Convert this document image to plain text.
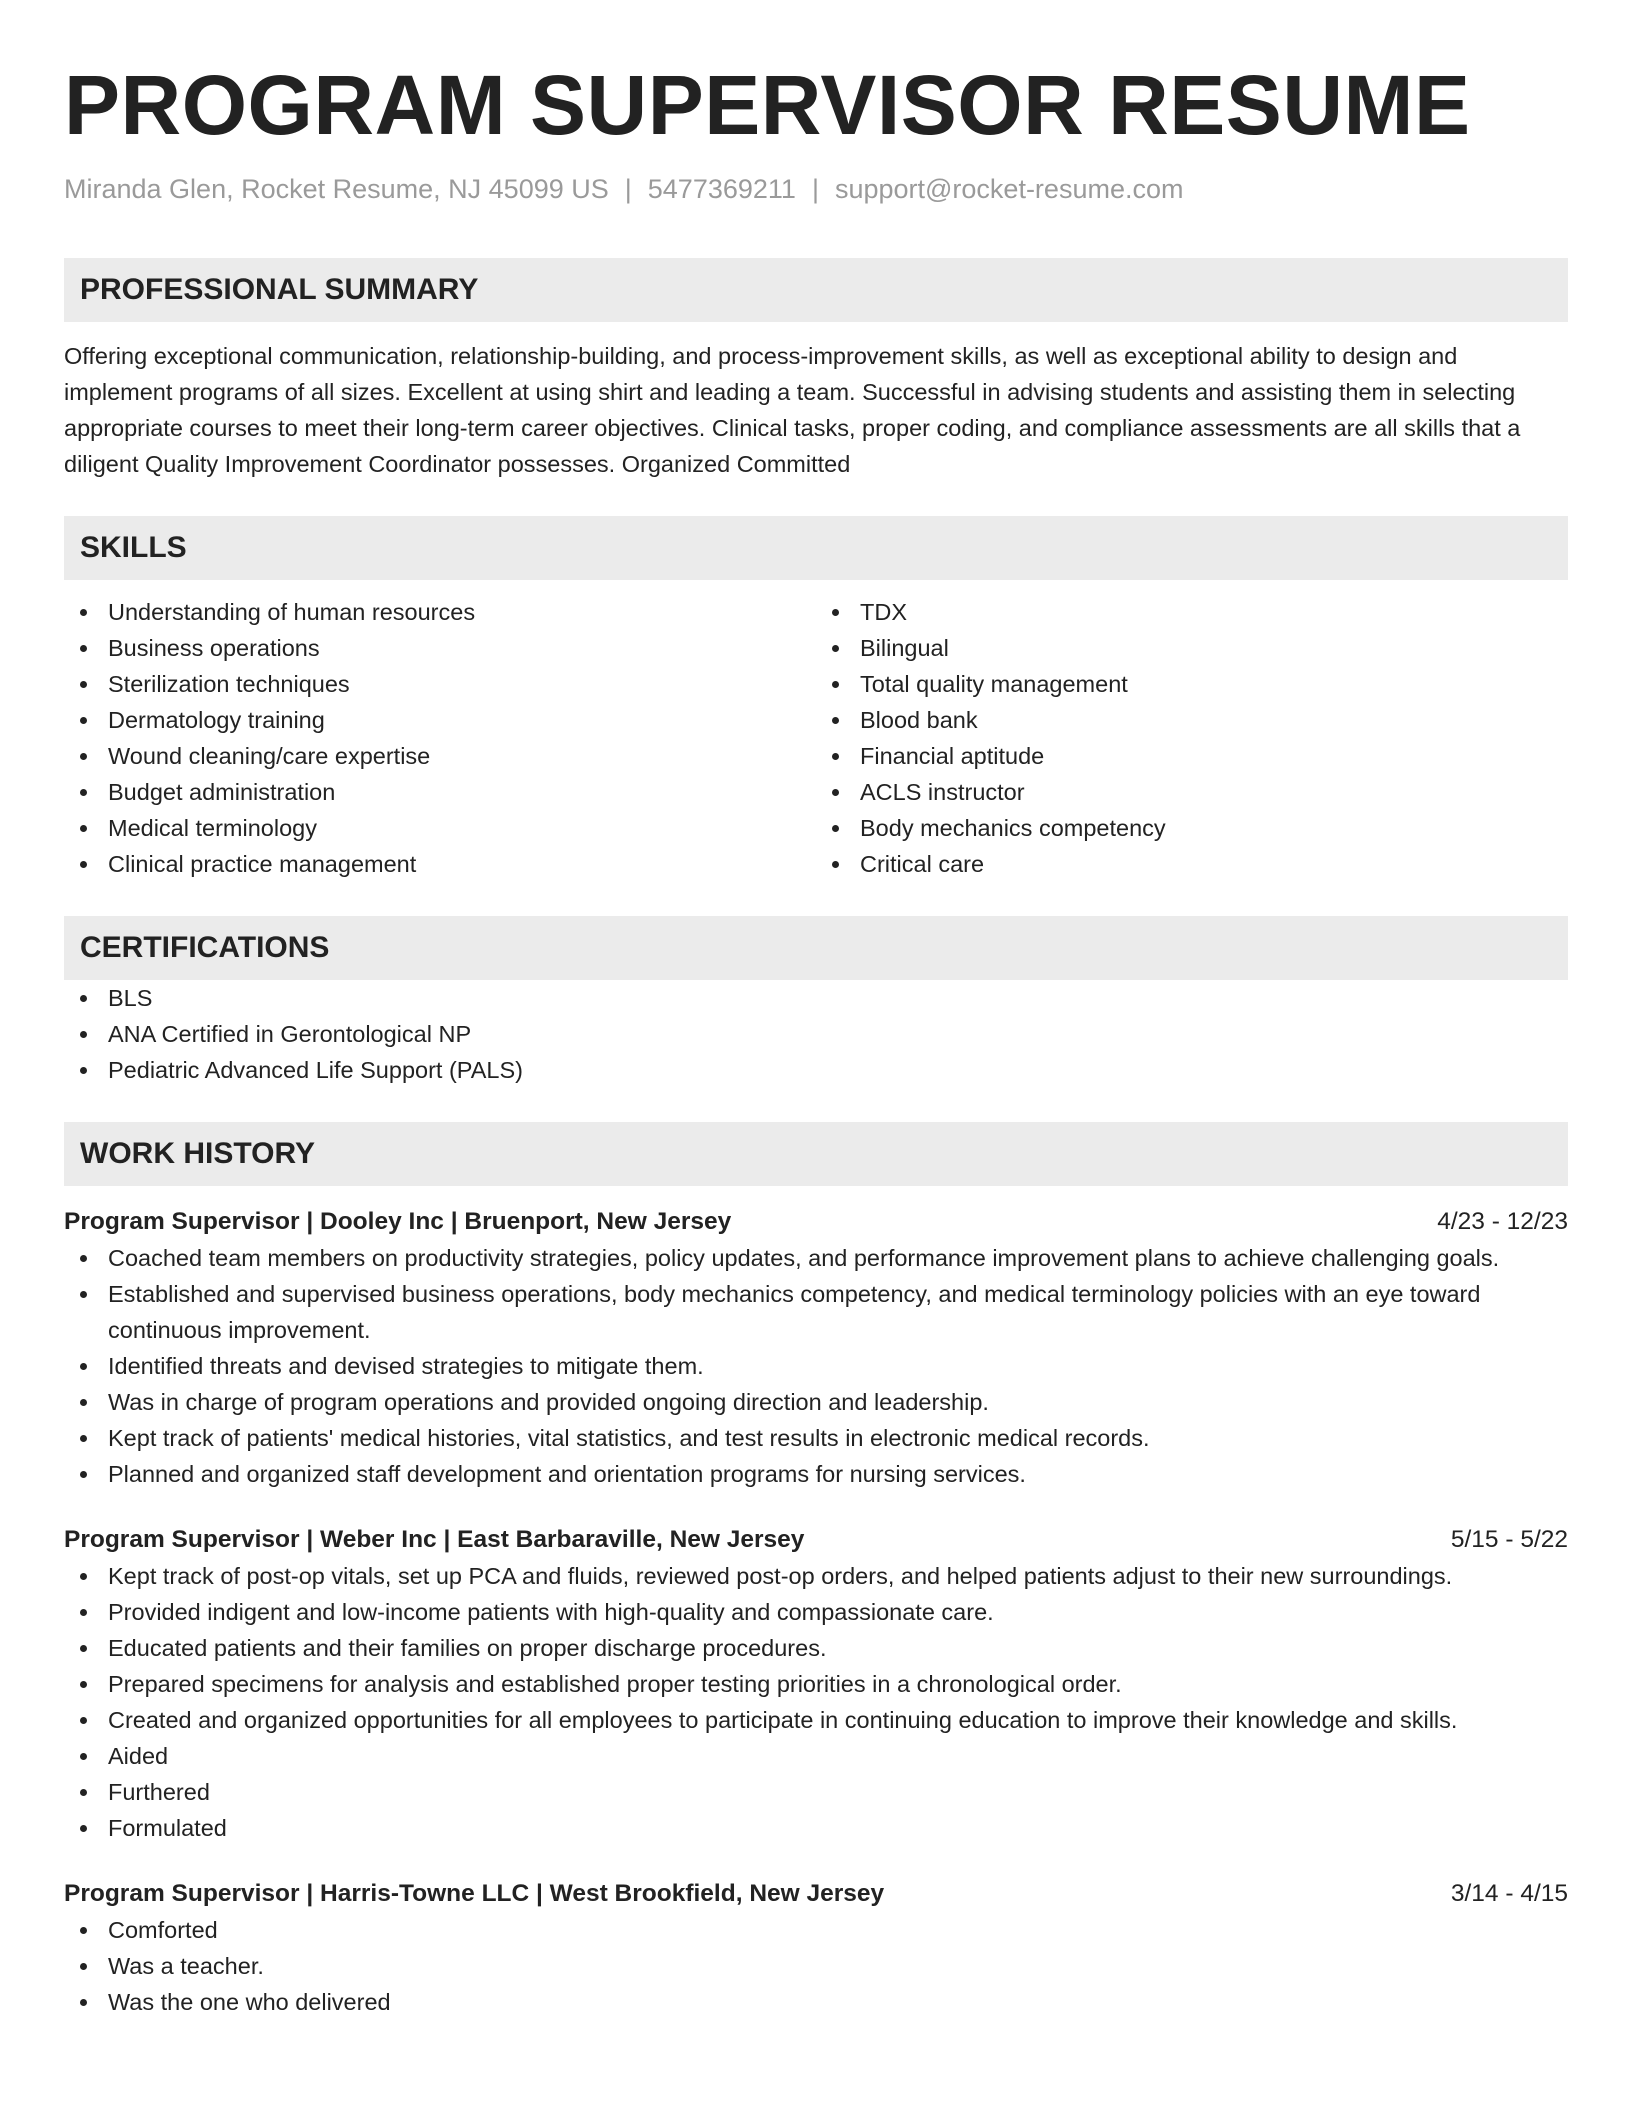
PROGRAM SUPERVISOR RESUME
Miranda Glen, Rocket Resume, NJ 45099 US | 5477369211 | support@rocket-resume.com
PROFESSIONAL SUMMARY

Offering exceptional communication, relationship-building, and process-improvement skills, as well as exceptional ability to design and implement programs of all sizes. Excellent at using shirt and leading a team. Successful in advising students and assisting them in selecting appropriate courses to meet their long-term career objectives. Clinical tasks, proper coding, and compliance assessments are all skills that a diligent Quality Improvement Coordinator possesses. Organized Committed

SKILLS
Understanding of human resources
Business operations
Sterilization techniques
Dermatology training
Wound cleaning/care expertise
Budget administration
Medical terminology
Clinical practice management
TDX
Bilingual
Total quality management
Blood bank
Financial aptitude
ACLS instructor
Body mechanics competency
Critical care
CERTIFICATIONS
BLS
ANA Certified in Gerontological NP
Pediatric Advanced Life Support (PALS)
WORK HISTORY
Program Supervisor | Dooley Inc | Bruenport, New Jersey	4/23 - 12/23
Coached team members on productivity strategies, policy updates, and performance improvement plans to achieve challenging goals.
Established and supervised business operations, body mechanics competency, and medical terminology policies with an eye toward continuous improvement.
Identified threats and devised strategies to mitigate them.
Was in charge of program operations and provided ongoing direction and leadership.
Kept track of patients' medical histories, vital statistics, and test results in electronic medical records.
Planned and organized staff development and orientation programs for nursing services.
Program Supervisor | Weber Inc | East Barbaraville, New Jersey	5/15 - 5/22
Kept track of post-op vitals, set up PCA and fluids, reviewed post-op orders, and helped patients adjust to their new surroundings.
Provided indigent and low-income patients with high-quality and compassionate care.
Educated patients and their families on proper discharge procedures.
Prepared specimens for analysis and established proper testing priorities in a chronological order.
Created and organized opportunities for all employees to participate in continuing education to improve their knowledge and skills.
Aided
Furthered
Formulated
Program Supervisor | Harris-Towne LLC | West Brookfield, New Jersey	3/14 - 4/15
Comforted
Was a teacher.
Was the one who delivered
